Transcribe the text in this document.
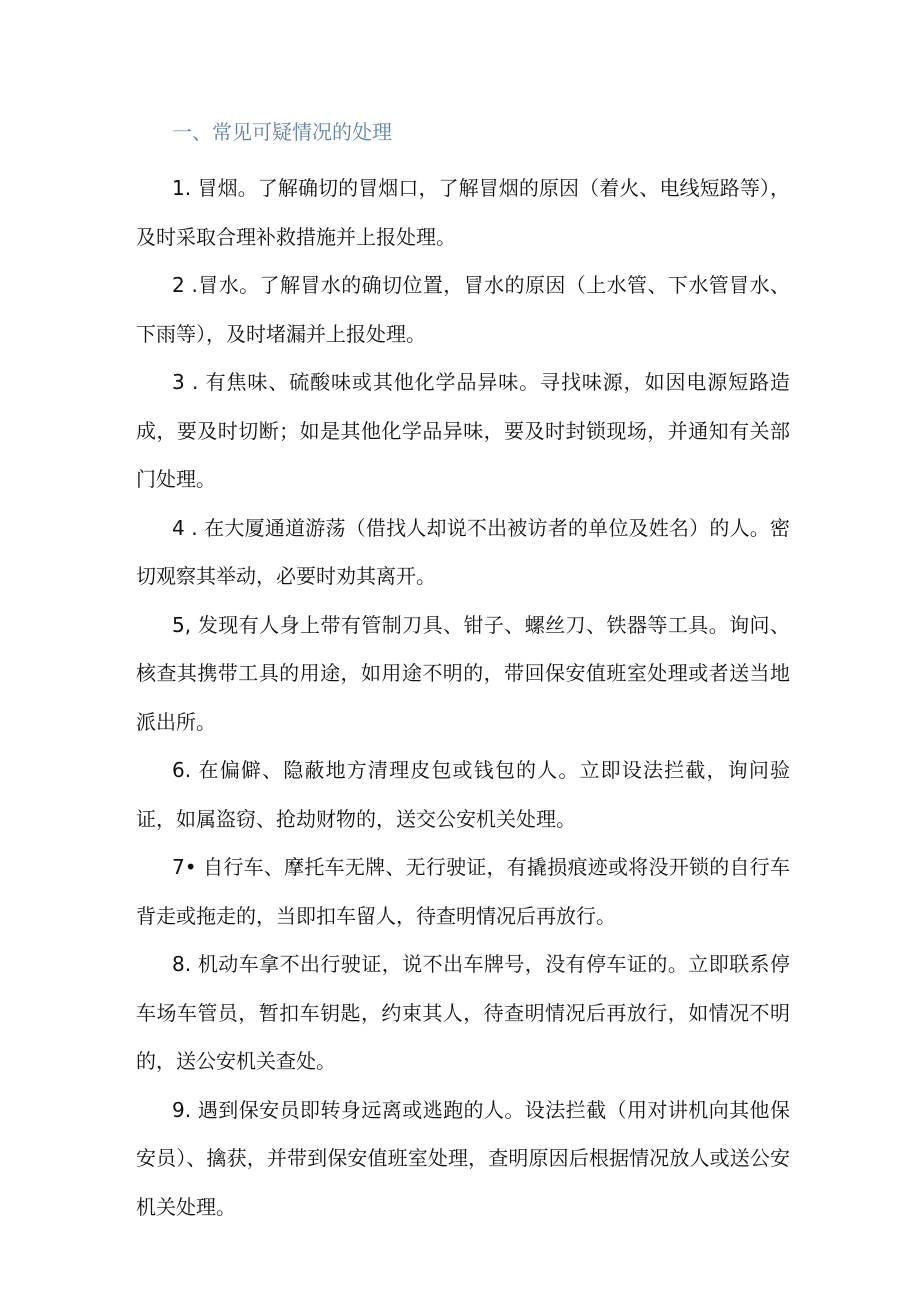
一、常见可疑情况的处理

1. 冒烟。了解确切的冒烟口，了解冒烟的原因（着火、电线短路等），及时采取合理补救措施并上报处理。

2 .冒水。了解冒水的确切位置，冒水的原因（上水管、下水管冒水、下雨等），及时堵漏并上报处理。

3 . 有焦味、硫酸味或其他化学品异味。寻找味源，如因电源短路造成，要及时切断；如是其他化学品异味，要及时封锁现场，并通知有关部门处理。

4 . 在大厦通道游荡（借找人却说不出被访者的单位及姓名）的人。密切观察其举动，必要时劝其离开。

5, 发现有人身上带有管制刀具、钳子、螺丝刀、铁器等工具。询问、核查其携带工具的用途，如用途不明的，带回保安值班室处理或者送当地派出所。

6. 在偏僻、隐蔽地方清理皮包或钱包的人。立即设法拦截，询问验证，如属盗窃、抢劫财物的，送交公安机关处理。

7• 自行车、摩托车无牌、无行驶证，有撬损痕迹或将没开锁的自行车背走或拖走的，当即扣车留人，待查明情况后再放行。

8. 机动车拿不出行驶证，说不出车牌号，没有停车证的。立即联系停车场车管员，暂扣车钥匙，约束其人，待查明情况后再放行，如情况不明的，送公安机关查处。

9. 遇到保安员即转身远离或逃跑的人。设法拦截（用对讲机向其他保安员）、擒获，并带到保安值班室处理，查明原因后根据情况放人或送公安机关处理。
